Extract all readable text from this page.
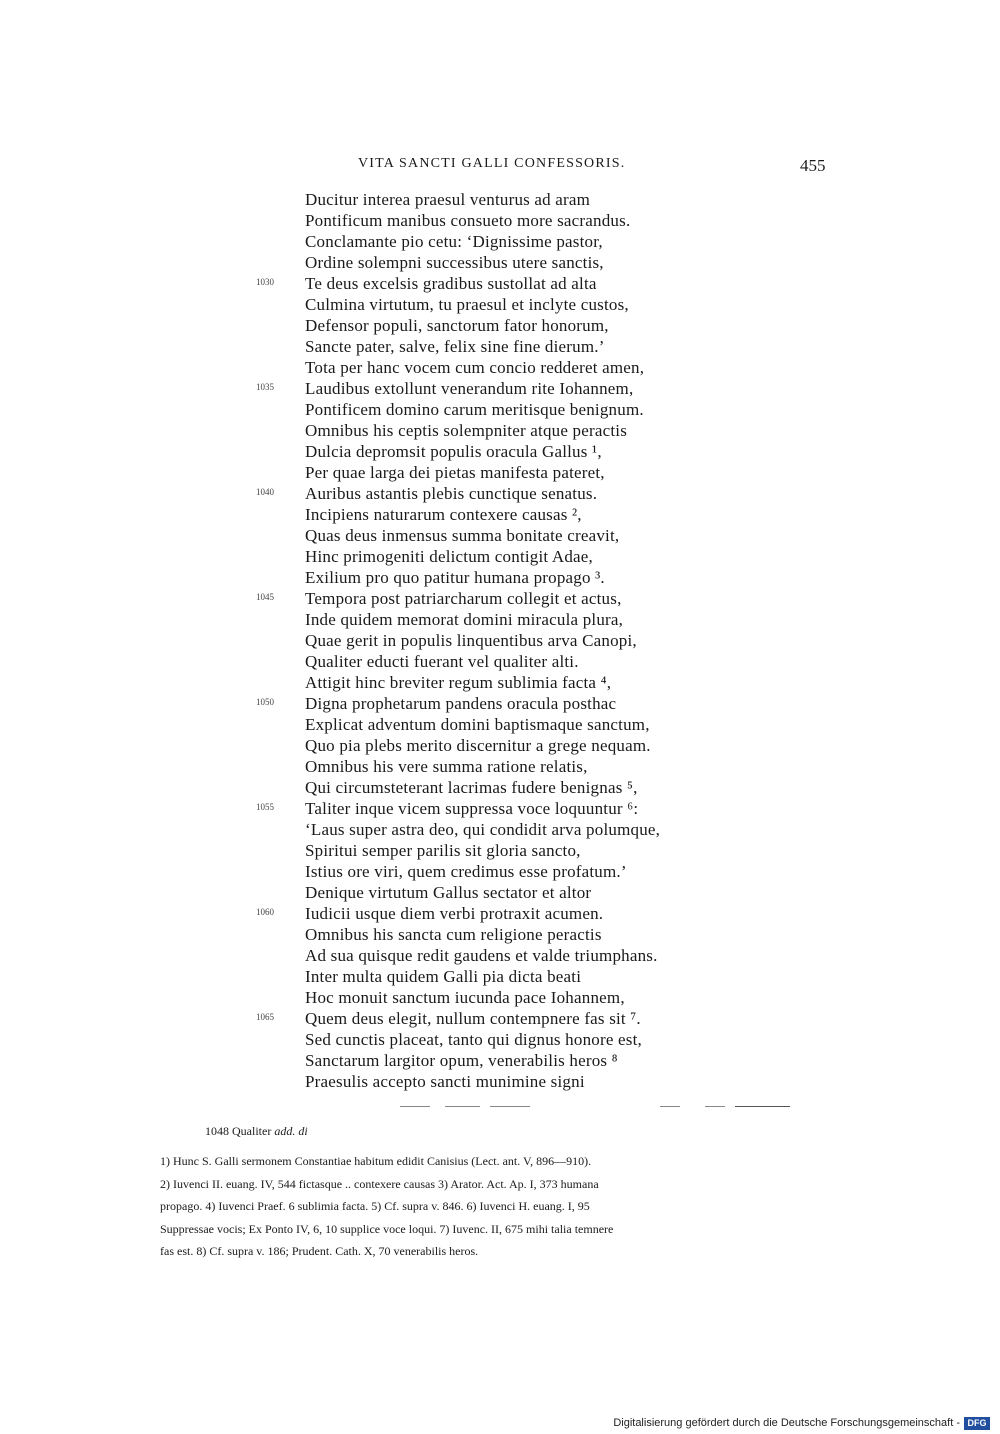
VITA SANCTI GALLI CONFESSORIS.	455
Ducitur interea praesul venturus ad aram
Pontificum manibus consueto more sacrandus.
Conclamante pio cetu: ‘Dignissime pastor,
Ordine solempni successibus utere sanctis,
1030	Te deus excelsis gradibus sustollat ad alta
Culmina virtutum, tu praesul et inclyte custos,
Defensor populi, sanctorum fator honorum,
Sancte pater, salve, felix sine fine dierum.’
Tota per hanc vocem cum concio redderet amen,
1035	Laudibus extollunt venerandum rite Iohannem,
Pontificem domino carum meritisque benignum.
Omnibus his ceptis solempniter atque peractis
Dulcia depromsit populis oracula Gallus ¹,
Per quae larga dei pietas manifesta pateret,
1040	Auribus astantis plebis cunctique senatus.
Incipiens naturarum contexere causas ²,
Quas deus inmensus summa bonitate creavit,
Hinc primogeniti delictum contigit Adae,
Exilium pro quo patitur humana propago ³.
1045	Tempora post patriarcharum collegit et actus,
Inde quidem memorat domini miracula plura,
Quae gerit in populis linquentibus arva Canopi,
Qualiter educti fuerant vel qualiter alti.
Attigit hinc breviter regum sublimia facta ⁴,
1050	Digna prophetarum pandens oracula posthac
Explicat adventum domini baptismaque sanctum,
Quo pia plebs merito discernitur a grege nequam.
Omnibus his vere summa ratione relatis,
Qui circumsteterant lacrimas fudere benignas ⁵,
1055	Taliter inque vicem suppressa voce loquuntur ⁶:
‘Laus super astra deo, qui condidit arva polumque,
Spiritui semper parilis sit gloria sancto,
Istius ore viri, quem credimus esse profatum.’
Denique virtutum Gallus sectator et altor
1060	Iudicii usque diem verbi protraxit acumen.
Omnibus his sancta cum religione peractis
Ad sua quisque redit gaudens et valde triumphans.
Inter multa quidem Galli pia dicta beati
Hoc monuit sanctum iucunda pace Iohannem,
1065	Quem deus elegit, nullum contempnere fas sit ⁷.
Sed cunctis placeat, tanto qui dignus honore est,
Sanctarum largitor opum, venerabilis heros ⁸
Praesulis accepto sancti munimine signi
1048 Qualiter add. di
1) Hunc S. Galli sermonem Constantiae habitum edidit Canisius (Lect. ant. V, 896—910).
2) Iuvenci II. euang. IV, 544 fictasque .. contexere causas 3) Arator. Act. Ap. I, 373 humana
propago. 4) Iuvenci Praef. 6 sublimia facta. 5) Cf. supra v. 846. 6) Iuvenci H. euang. I, 95
Suppressae vocis; Ex Ponto IV, 6, 10 supplice voce loqui. 7) Iuvenc. II, 675 mihi talia temnere
fas est. 8) Cf. supra v. 186; Prudent. Cath. X, 70 venerabilis heros.
Digitalisierung gefördert durch die Deutsche Forschungsgemeinschaft - DFG
